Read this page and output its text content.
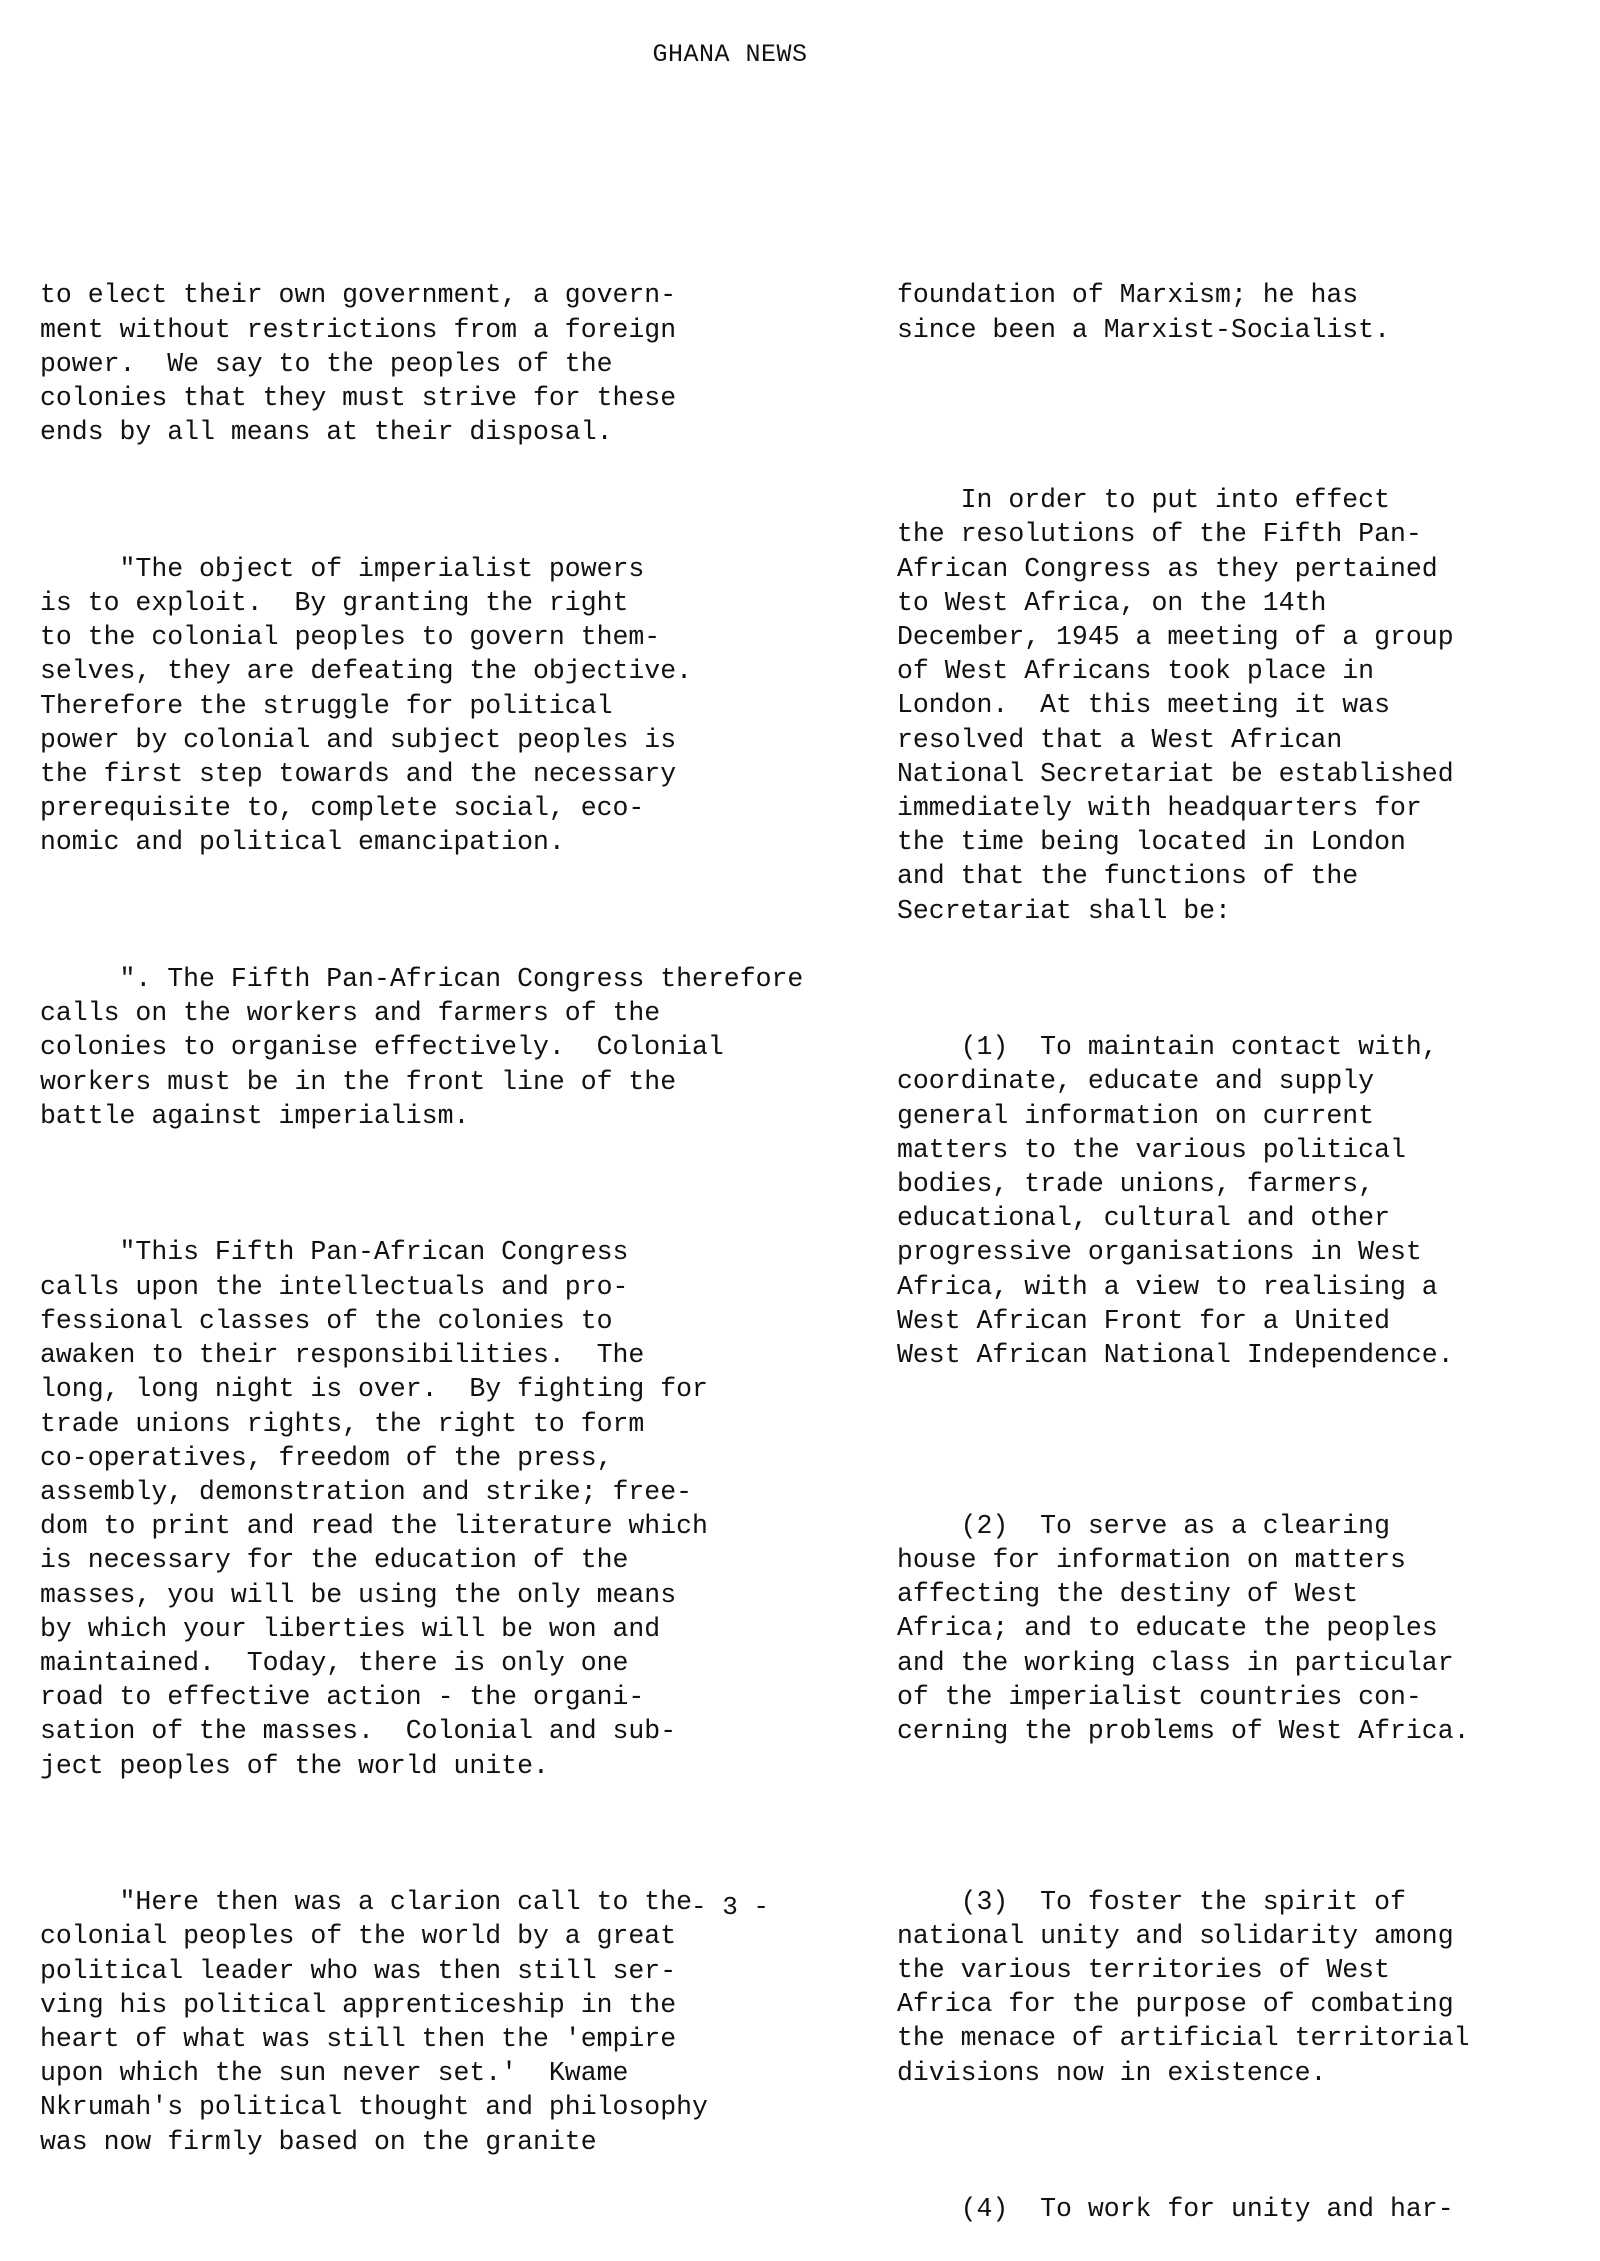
GHANA NEWS

to elect their own government, a govern-
ment without restrictions from a foreign
power.  We say to the peoples of the
colonies that they must strive for these
ends by all means at their disposal.

"The object of imperialist powers
is to exploit.  By granting the right
to the colonial peoples to govern them-
selves, they are defeating the objective.
Therefore the struggle for political
power by colonial and subject peoples is
the first step towards and the necessary
prerequisite to, complete social, eco-
nomic and political emancipation.

". The Fifth Pan-African Congress therefore
calls on the workers and farmers of the
colonies to organise effectively.  Colonial
workers must be in the front line of the
battle against imperialism.

"This Fifth Pan-African Congress
calls upon the intellectuals and pro-
fessional classes of the colonies to
awaken to their responsibilities.  The
long, long night is over.  By fighting for
trade unions rights, the right to form
co-operatives, freedom of the press,
assembly, demonstration and strike; free-
dom to print and read the literature which
is necessary for the education of the
masses, you will be using the only means
by which your liberties will be won and
maintained.  Today, there is only one
road to effective action - the organi-
sation of the masses.  Colonial and sub-
ject peoples of the world unite.

"Here then was a clarion call to the
colonial peoples of the world by a great
political leader who was then still ser-
ving his political apprenticeship in the
heart of what was still then the 'empire
upon which the sun never set.'  Kwame
Nkrumah's political thought and philosophy
was now firmly based on the granite

foundation of Marxism; he has
since been a Marxist-Socialist.

In order to put into effect
the resolutions of the Fifth Pan-
African Congress as they pertained
to West Africa, on the 14th
December, 1945 a meeting of a group
of West Africans took place in
London.  At this meeting it was
resolved that a West African
National Secretariat be established
immediately with headquarters for
the time being located in London
and that the functions of the
Secretariat shall be:

(1)  To maintain contact with,
coordinate, educate and supply
general information on current
matters to the various political
bodies, trade unions, farmers,
educational, cultural and other
progressive organisations in West
Africa, with a view to realising a
West African Front for a United
West African National Independence.

(2)  To serve as a clearing
house for information on matters
affecting the destiny of West
Africa; and to educate the peoples
and the working class in particular
of the imperialist countries con-
cerning the problems of West Africa.

(3)  To foster the spirit of
national unity and solidarity among
the various territories of West
Africa for the purpose of combating
the menace of artificial territorial
divisions now in existence.

(4)  To work for unity and har-

- 3 -
